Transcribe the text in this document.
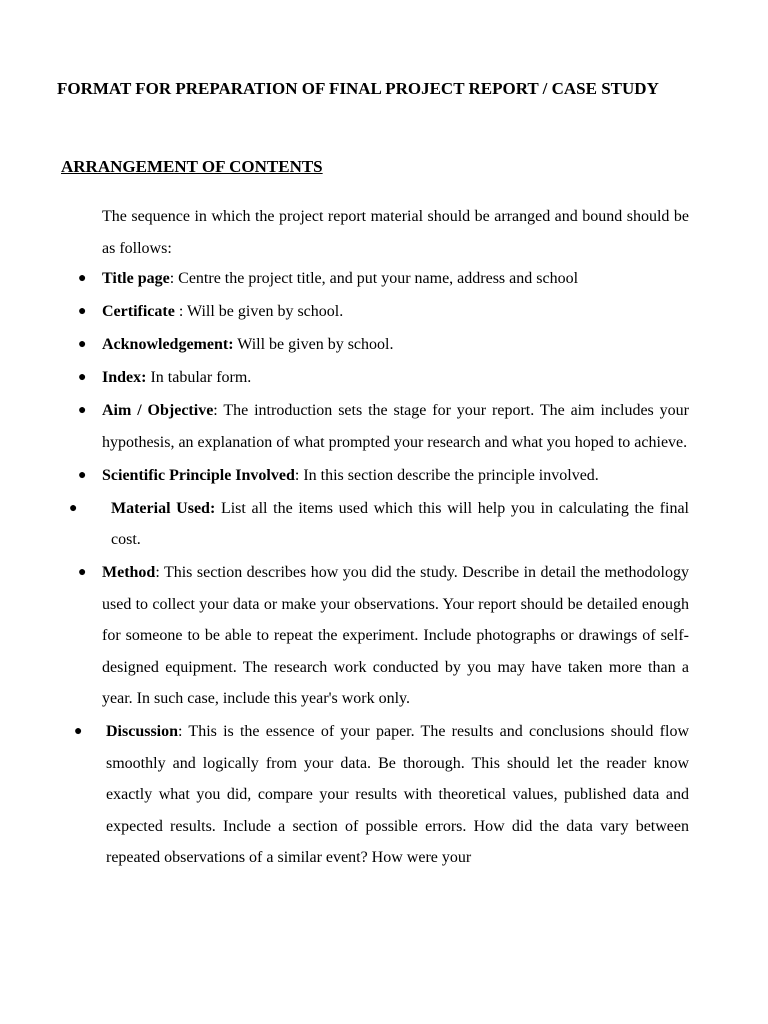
FORMAT FOR PREPARATION OF FINAL PROJECT REPORT / CASE STUDY

ARRANGEMENT OF CONTENTS

The sequence in which the project report material should be arranged and bound should be as follows:

● Title page: Centre the project title, and put your name, address and school
● Certificate : Will be given by school.
● Acknowledgement: Will be given by school.
● Index: In tabular form.
● Aim / Objective: The introduction sets the stage for your report. The aim includes your hypothesis, an explanation of what prompted your research and what you hoped to achieve.
● Scientific Principle Involved: In this section describe the principle involved.
● Material Used: List all the items used which this will help you in calculating the final cost.
● Method: This section describes how you did the study. Describe in detail the methodology used to collect your data or make your observations. Your report should be detailed enough for someone to be able to repeat the experiment. Include photographs or drawings of self-designed equipment. The research work conducted by you may have taken more than a year. In such case, include this year's work only.
● Discussion: This is the essence of your paper. The results and conclusions should flow smoothly and logically from your data. Be thorough. This should let the reader know exactly what you did, compare your results with theoretical values, published data and expected results. Include a section of possible errors. How did the data vary between repeated observations of a similar event? How were your
